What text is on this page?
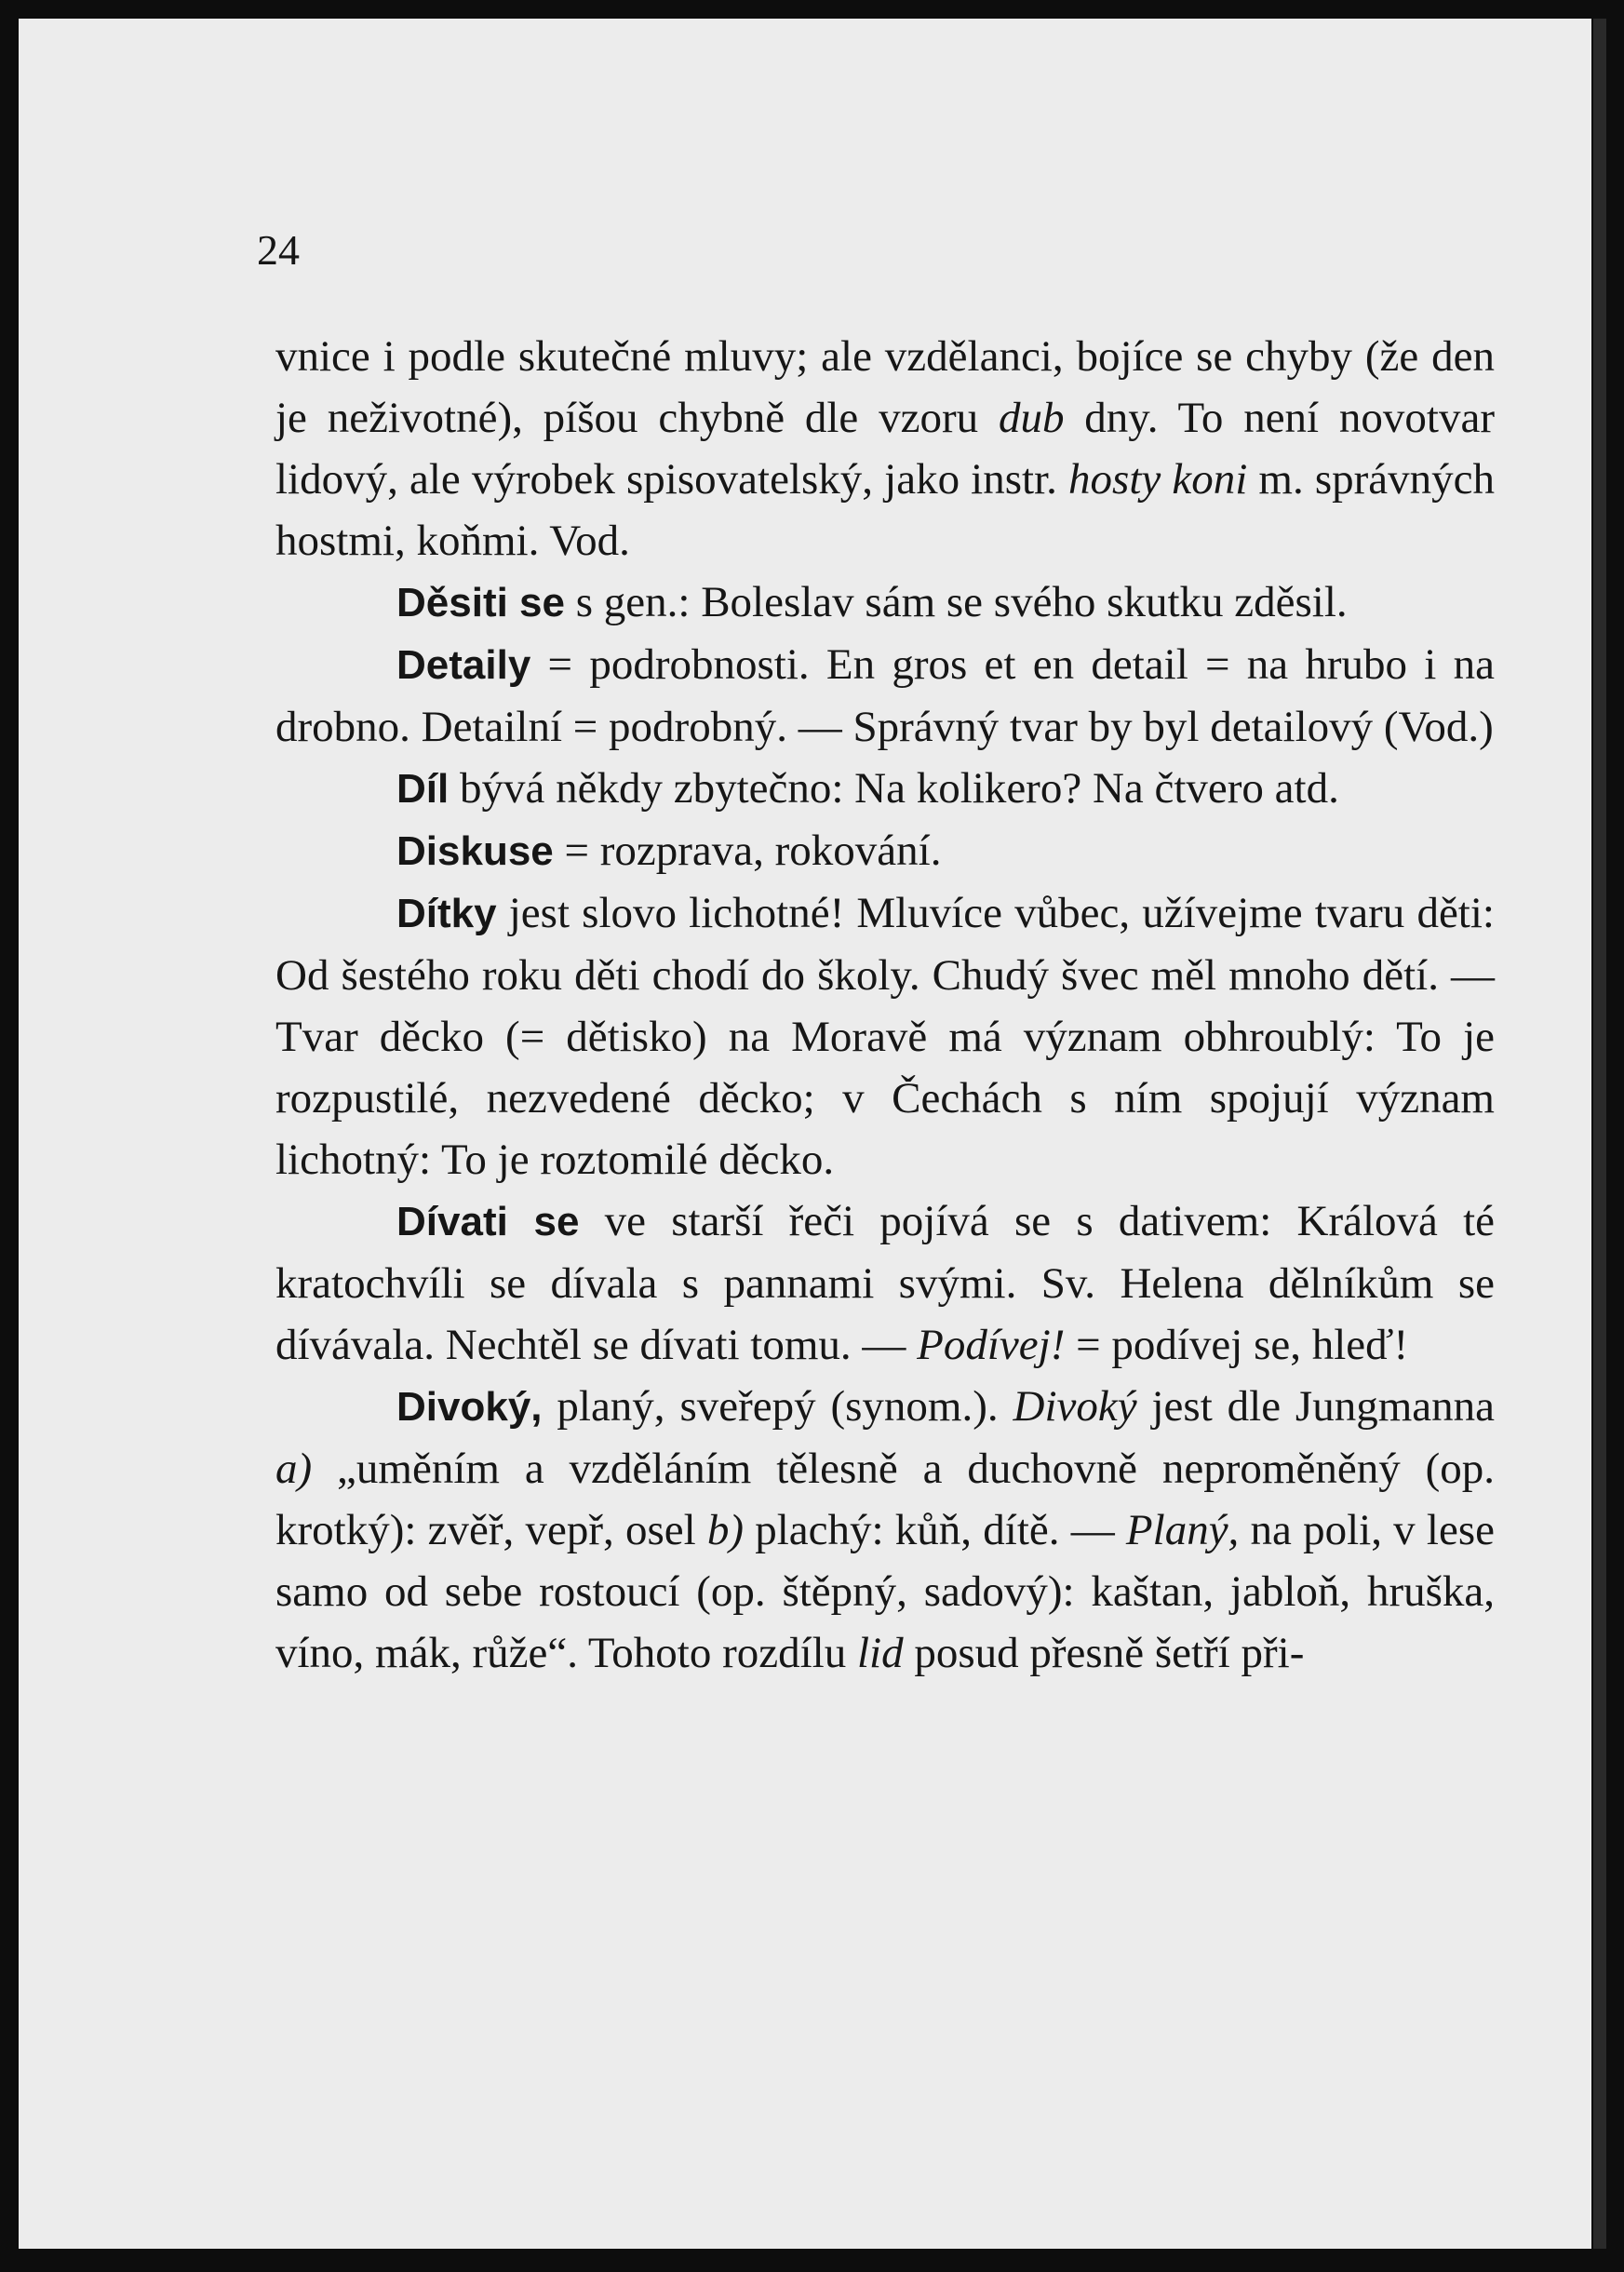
24

vnice i podle skutečné mluvy; ale vzdělanci, bojíce se chyby (že den je neživotné), píšou chybně dle vzoru dub dny. To není novotvar lidový, ale výrobek spisovatelský, jako instr. hosty koni m. správných hostmi, koňmi. Vod.

Děsiti se s gen.: Boleslav sám se svého skutku zděsil.

Detaily = podrobnosti. En gros et en detail = na hrubo i na drobno. Detailní = podrobný. — Správný tvar by byl detailový (Vod.)

Díl bývá někdy zbytečno: Na kolikero? Na čtvero atd.

Diskuse = rozprava, rokování.

Dítky jest slovo lichotné! Mluvíce vůbec, užívejme tvaru děti: Od šestého roku děti chodí do školy. Chudý švec měl mnoho dětí. — Tvar děcko (= dětisko) na Moravě má význam obhroublý: To je rozpustilé, nezvedené děcko; v Čechách s ním spojují význam lichotný: To je roztomilé děcko.

Dívati se ve starší řeči pojívá se s dativem: Králová té kratochvíli se dívala s pannami svými. Sv. Helena dělníkům se dívávala. Nechtěl se dívati tomu. — Podívej! = podívej se, hleď!

Divoký, planý, sveřepý (synom.). Divoký jest dle Jungmanna a) „uměním a vzděláním tělesně a duchovně neproměněný (op. krotký): zvěř, vepř, osel b) plachý: kůň, dítě. — Planý, na poli, v lese samo od sebe rostoucí (op. štěpný, sadový): kaštan, jabloň, hruška, víno, mák, růže“. Tohoto rozdílu lid posud přesně šetří při-
